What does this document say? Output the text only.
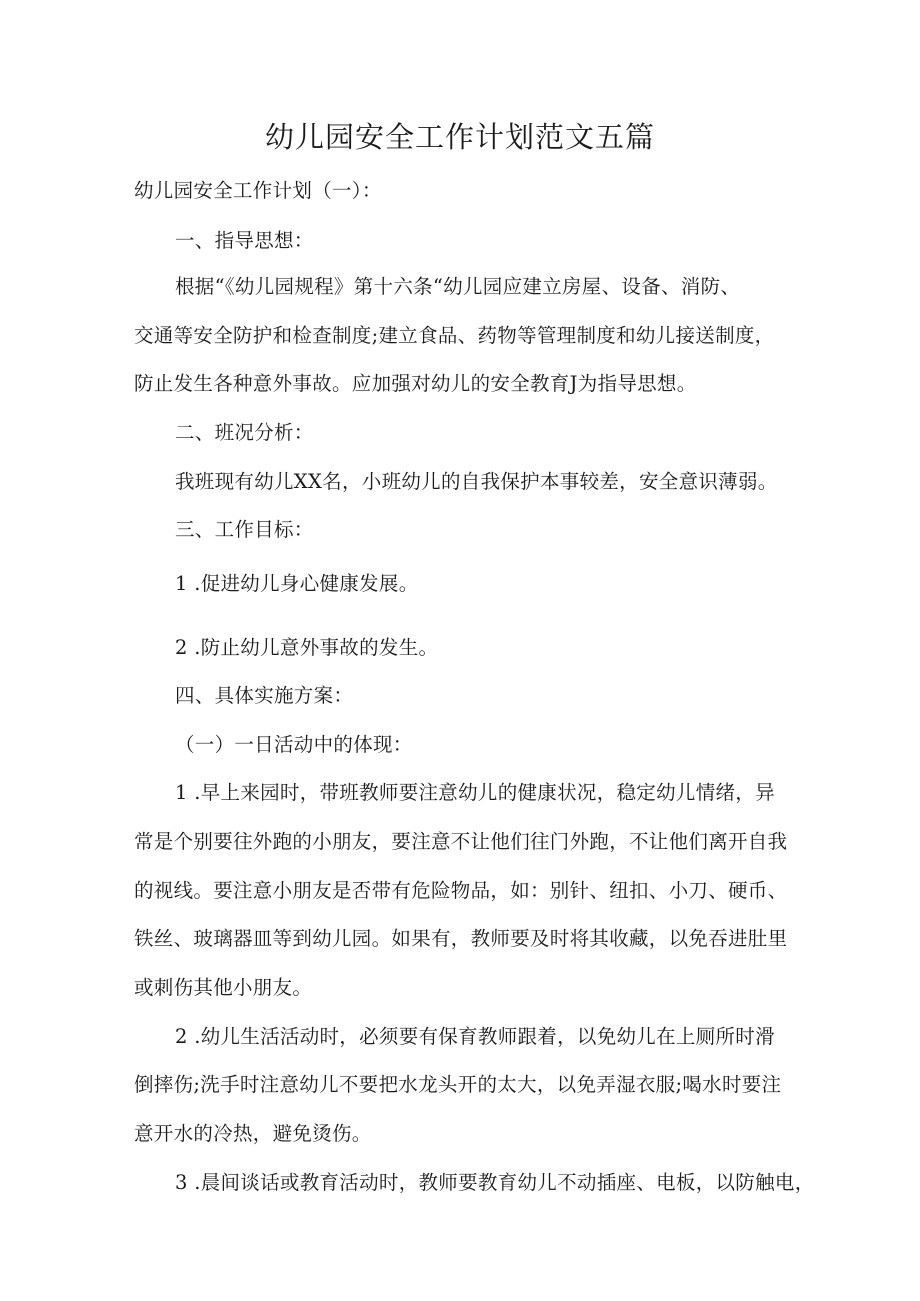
幼儿园安全工作计划范文五篇
幼儿园安全工作计划（一）：
一、指导思想：
根据“《幼儿园规程》第十六条“幼儿园应建立房屋、设备、消防、
交通等安全防护和检查制度;建立食品、药物等管理制度和幼儿接送制度，
防止发生各种意外事故。应加强对幼儿的安全教育J为指导思想。
二、班况分析：
我班现有幼儿XX名，小班幼儿的自我保护本事较差，安全意识薄弱。
三、工作目标：
1 .促进幼儿身心健康发展。
2 .防止幼儿意外事故的发生。
四、具体实施方案：
（一）一日活动中的体现：
1 .早上来园时，带班教师要注意幼儿的健康状况，稳定幼儿情绪，异
常是个别要往外跑的小朋友，要注意不让他们往门外跑，不让他们离开自我
的视线。要注意小朋友是否带有危险物品，如：别针、纽扣、小刀、硬币、
铁丝、玻璃器皿等到幼儿园。如果有，教师要及时将其收藏，以免吞进肚里
或刺伤其他小朋友。
2 .幼儿生活活动时，必须要有保育教师跟着，以免幼儿在上厕所时滑
倒摔伤;洗手时注意幼儿不要把水龙头开的太大，以免弄湿衣服;喝水时要注
意开水的冷热，避免烫伤。
3 .晨间谈话或教育活动时，教师要教育幼儿不动插座、电板，以防触电，
